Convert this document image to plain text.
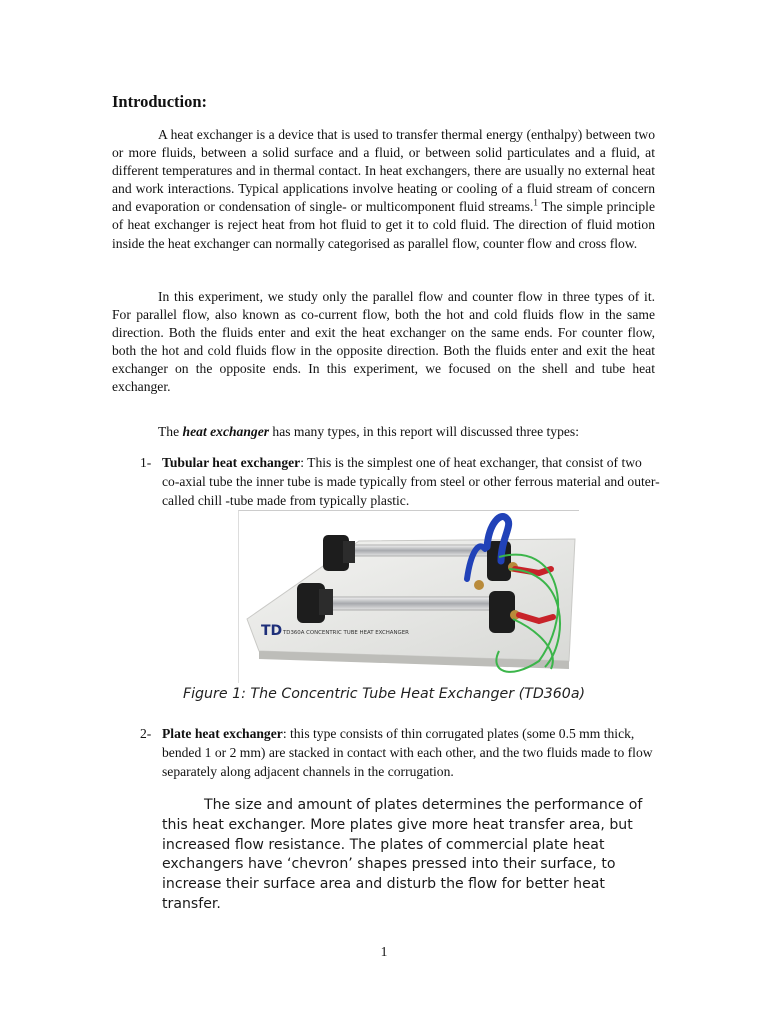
Introduction:

A heat exchanger is a device that is used to transfer thermal energy (enthalpy) between two or more fluids, between a solid surface and a fluid, or between solid particulates and a fluid, at different temperatures and in thermal contact. In heat exchangers, there are usually no external heat and work interactions. Typical applications involve heating or cooling of a fluid stream of concern and evaporation or condensation of single- or multicomponent fluid streams.$^1$ The simple principle of heat exchanger is reject heat from hot fluid to get it to cold fluid. The direction of fluid motion inside the heat exchanger can normally categorised as parallel flow, counter flow and cross flow.

In this experiment, we study only the parallel flow and counter flow in three types of it. For parallel flow, also known as co-current flow, both the hot and cold fluids flow in the same direction. Both the fluids enter and exit the heat exchanger on the same ends. For counter flow, both the hot and cold fluids flow in the opposite direction. Both the fluids enter and exit the heat exchanger on the opposite ends. In this experiment, we focused on the shell and tube heat exchanger.

The heat exchanger has many types, in this report will discussed three types:

1- Tubular heat exchanger: This is the simplest one of heat exchanger, that consist of two co-axial tube the inner tube is made typically from steel or other ferrous material and outer-called chill -tube made from typically plastic.
TD TD360A CONCENTRIC TUBE HEAT EXCHANGER
Figure 1: The Concentric Tube Heat Exchanger (TD360a)
2- Plate heat exchanger: this type consists of thin corrugated plates (some 0.5 mm thick, bended 1 or 2 mm) are stacked in contact with each other, and the two fluids made to flow separately along adjacent channels in the corrugation.

The size and amount of plates determines the performance of this heat exchanger. More plates give more heat transfer area, but increased flow resistance. The plates of commercial plate heat exchangers have ‘chevron’ shapes pressed into their surface, to increase their surface area and disturb the flow for better heat transfer.

1
